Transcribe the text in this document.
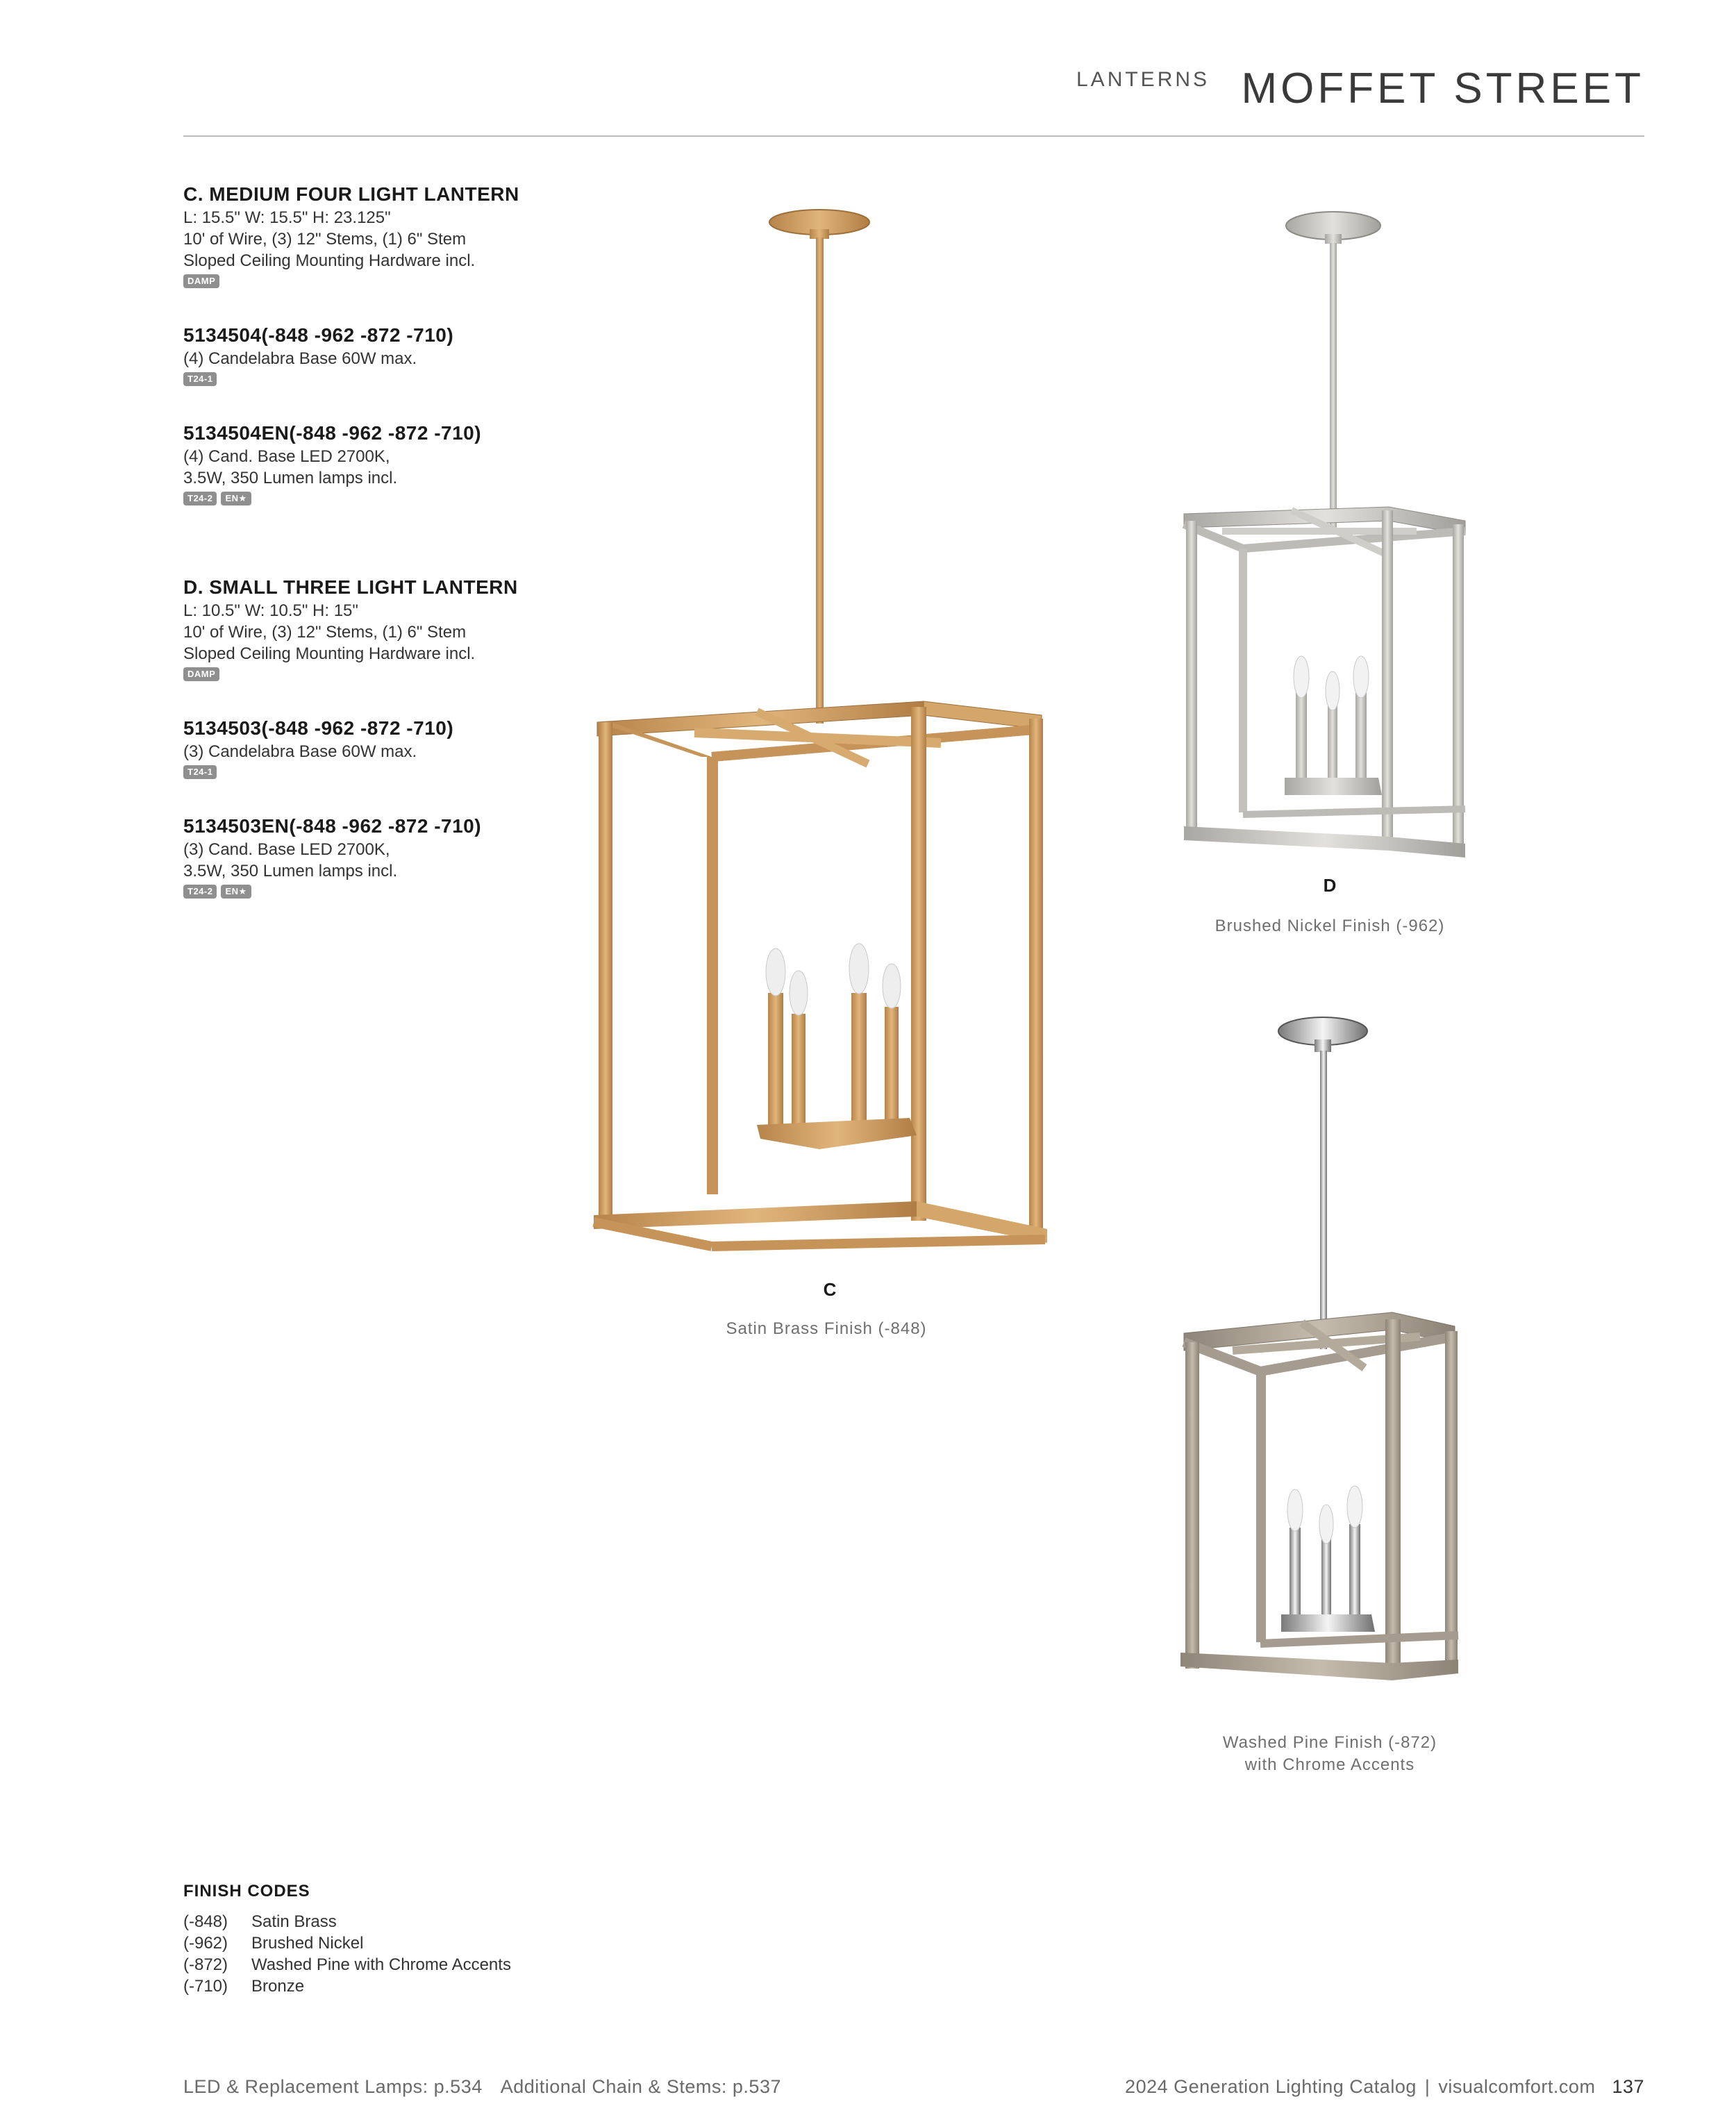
LANTERNS MOFFET STREET
C. MEDIUM FOUR LIGHT LANTERN
L: 15.5" W: 15.5" H: 23.125"
10' of Wire, (3) 12" Stems, (1) 6" Stem
Sloped Ceiling Mounting Hardware incl.
DAMP
5134504(-848 -962 -872 -710)
(4) Candelabra Base 60W max.
T24-1
5134504EN(-848 -962 -872 -710)
(4) Cand. Base LED 2700K,
3.5W, 350 Lumen lamps incl.
T24-2	EN★
D. SMALL THREE LIGHT LANTERN
L: 10.5" W: 10.5" H: 15"
10' of Wire, (3) 12" Stems, (1) 6" Stem
Sloped Ceiling Mounting Hardware incl.
DAMP
5134503(-848 -962 -872 -710)
(3) Candelabra Base 60W max.
T24-1
5134503EN(-848 -962 -872 -710)
(3) Cand. Base LED 2700K,
3.5W, 350 Lumen lamps incl.
T24-2	EN★
C
Satin Brass Finish (-848)
D
Brushed Nickel Finish (-962)
Washed Pine Finish (-872)
with Chrome Accents
FINISH CODES
(-848)	Satin Brass
(-962)	Brushed Nickel
(-872)	Washed Pine with Chrome Accents
(-710)	Bronze
LED & Replacement Lamps: p.534 Additional Chain & Stems: p.537	2024 Generation Lighting Catalog | visualcomfort.com 137
